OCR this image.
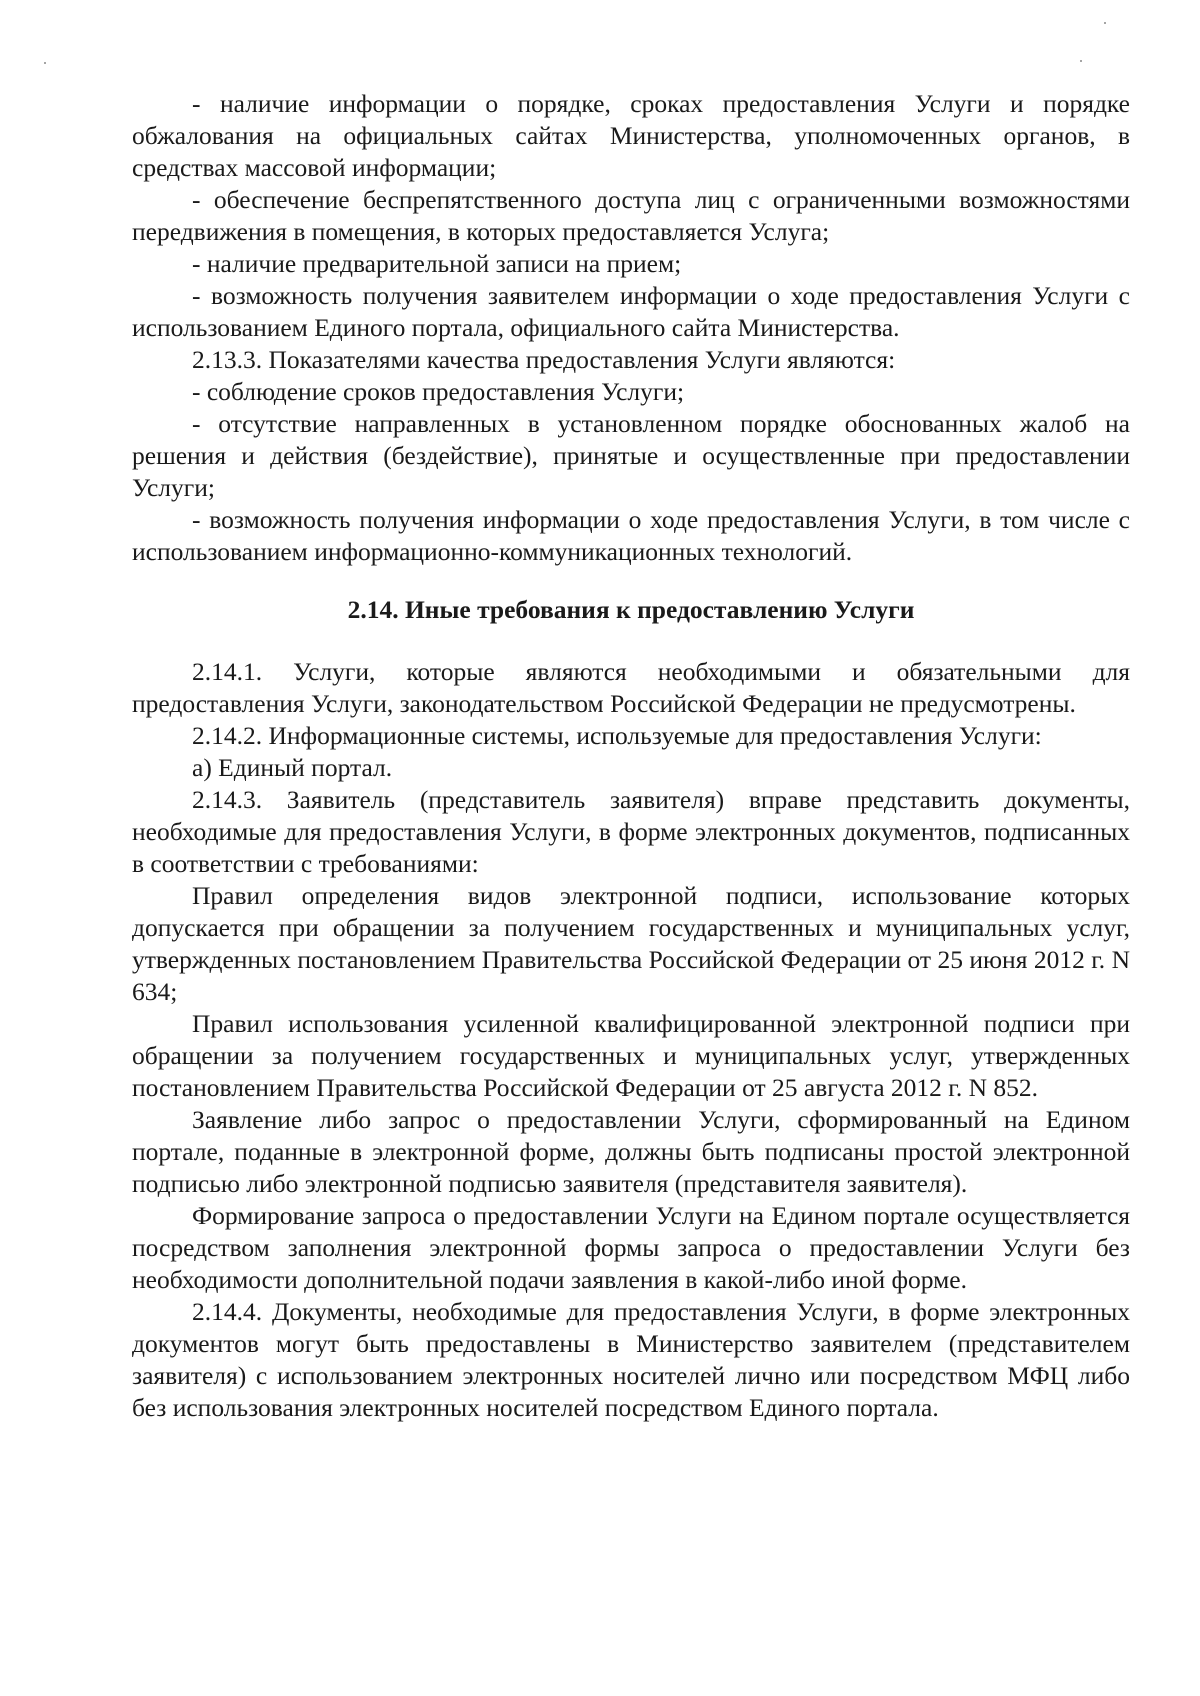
- наличие информации о порядке, сроках предоставления Услуги и порядке обжалования на официальных сайтах Министерства, уполномоченных органов, в средствах массовой информации;

- обеспечение беспрепятственного доступа лиц с ограниченными возможностями передвижения в помещения, в которых предоставляется Услуга;

- наличие предварительной записи на прием;

- возможность получения заявителем информации о ходе предоставления Услуги с использованием Единого портала, официального сайта Министерства.

2.13.3. Показателями качества предоставления Услуги являются:

- соблюдение сроков предоставления Услуги;

- отсутствие направленных в установленном порядке обоснованных жалоб на решения и действия (бездействие), принятые и осуществленные при предоставлении Услуги;

- возможность получения информации о ходе предоставления Услуги, в том числе с использованием информационно-коммуникационных технологий.

2.14. Иные требования к предоставлению Услуги

2.14.1. Услуги, которые являются необходимыми и обязательными для предоставления Услуги, законодательством Российской Федерации не предусмотрены.

2.14.2. Информационные системы, используемые для предоставления Услуги:

а) Единый портал.

2.14.3. Заявитель (представитель заявителя) вправе представить документы, необходимые для предоставления Услуги, в форме электронных документов, подписанных в соответствии с требованиями:

Правил определения видов электронной подписи, использование которых допускается при обращении за получением государственных и муниципальных услуг, утвержденных постановлением Правительства Российской Федерации от 25 июня 2012 г. N 634;

Правил использования усиленной квалифицированной электронной подписи при обращении за получением государственных и муниципальных услуг, утвержденных постановлением Правительства Российской Федерации от 25 августа 2012 г. N 852.

Заявление либо запрос о предоставлении Услуги, сформированный на Едином портале, поданные в электронной форме, должны быть подписаны простой электронной подписью либо электронной подписью заявителя (представителя заявителя).

Формирование запроса о предоставлении Услуги на Едином портале осуществляется посредством заполнения электронной формы запроса о предоставлении Услуги без необходимости дополнительной подачи заявления в какой-либо иной форме.

2.14.4. Документы, необходимые для предоставления Услуги, в форме электронных документов могут быть предоставлены в Министерство заявителем (представителем заявителя) с использованием электронных носителей лично или посредством МФЦ либо без использования электронных носителей посредством Единого портала.
